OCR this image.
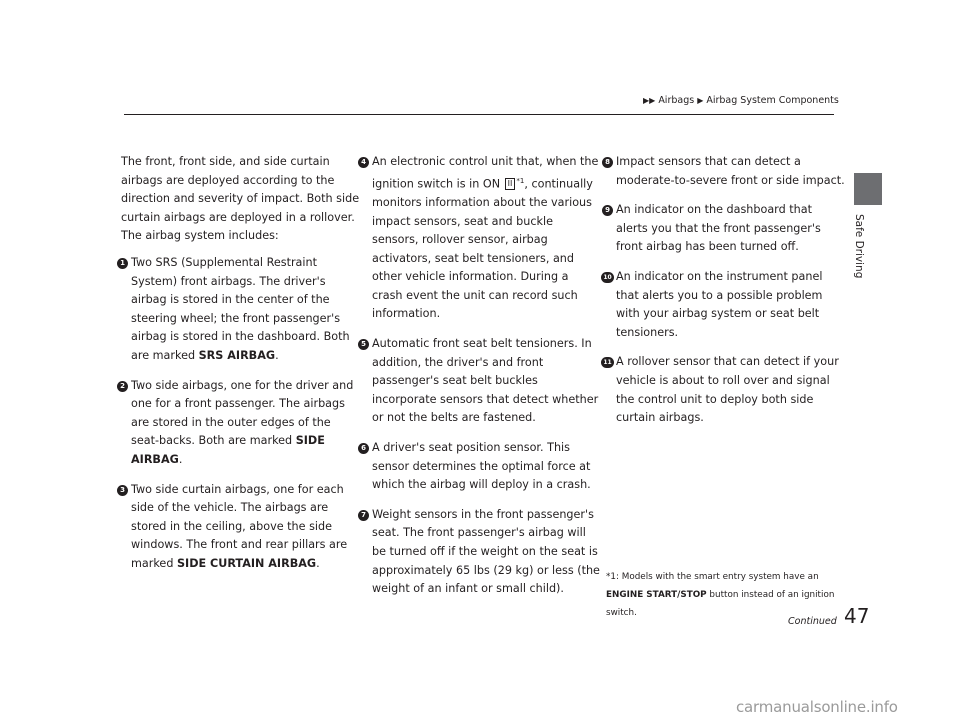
▶▶ Airbags ▶ Airbag System Components
Safe Driving

The front, front side, and side curtain airbags are deployed according to the direction and severity of impact. Both side curtain airbags are deployed in a rollover. The airbag system includes:

1 Two SRS (Supplemental Restraint System) front airbags. The driver's airbag is stored in the center of the steering wheel; the front passenger's airbag is stored in the dashboard. Both are marked SRS AIRBAG.
2 Two side airbags, one for the driver and one for a front passenger. The airbags are stored in the outer edges of the seat-backs. Both are marked SIDE AIRBAG.
3 Two side curtain airbags, one for each side of the vehicle. The airbags are stored in the ceiling, above the side windows. The front and rear pillars are marked SIDE CURTAIN AIRBAG.
4 An electronic control unit that, when the ignition switch is in ON II $^{*1}$, continually monitors information about the various impact sensors, seat and buckle sensors, rollover sensor, airbag activators, seat belt tensioners, and other vehicle information. During a crash event the unit can record such information.
5 Automatic front seat belt tensioners. In addition, the driver's and front passenger's seat belt buckles incorporate sensors that detect whether or not the belts are fastened.
6 A driver's seat position sensor. This sensor determines the optimal force at which the airbag will deploy in a crash.
7 Weight sensors in the front passenger's seat. The front passenger's airbag will be turned off if the weight on the seat is approximately 65 lbs (29 kg) or less (the weight of an infant or small child).
8 Impact sensors that can detect a moderate-to-severe front or side impact.
9 An indicator on the dashboard that alerts you that the front passenger's front airbag has been turned off.
10 An indicator on the instrument panel that alerts you to a possible problem with your airbag system or seat belt tensioners.
11 A rollover sensor that can detect if your vehicle is about to roll over and signal the control unit to deploy both side curtain airbags.
*1: Models with the smart entry system have an ENGINE START/STOP button instead of an ignition switch.
Continued 47
carmanualsonline.info
